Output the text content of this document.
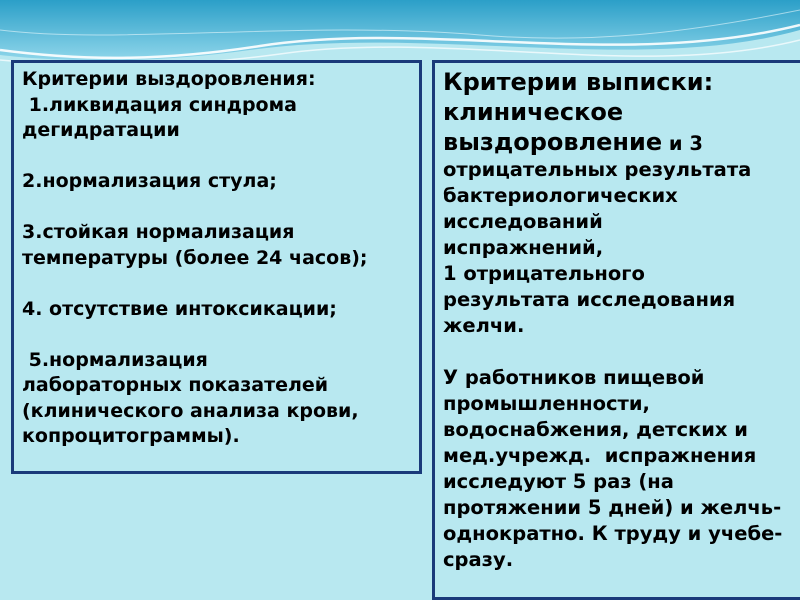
Критерии выздоровления:
1.ликвидация синдрома
дегидратации
2.нормализация стула;
3.стойкая нормализация
температуры (более 24 часов);
4. отсутствие интоксикации;
5.нормализация
лабораторных показателей
(клинического анализа крови,
копроцитограммы).
Критерии выписки:
клиническое
выздоровление и 3
отрицательных результата
бактериологических
исследований
испражнений,
1 отрицательного
результата исследования
желчи.
У работников пищевой
промышленности,
водоснабжения, детских и
мед.учрежд.  испражнения
исследуют 5 раз (на
протяжении 5 дней) и желчь-
однократно. К труду и учебе-
сразу.
